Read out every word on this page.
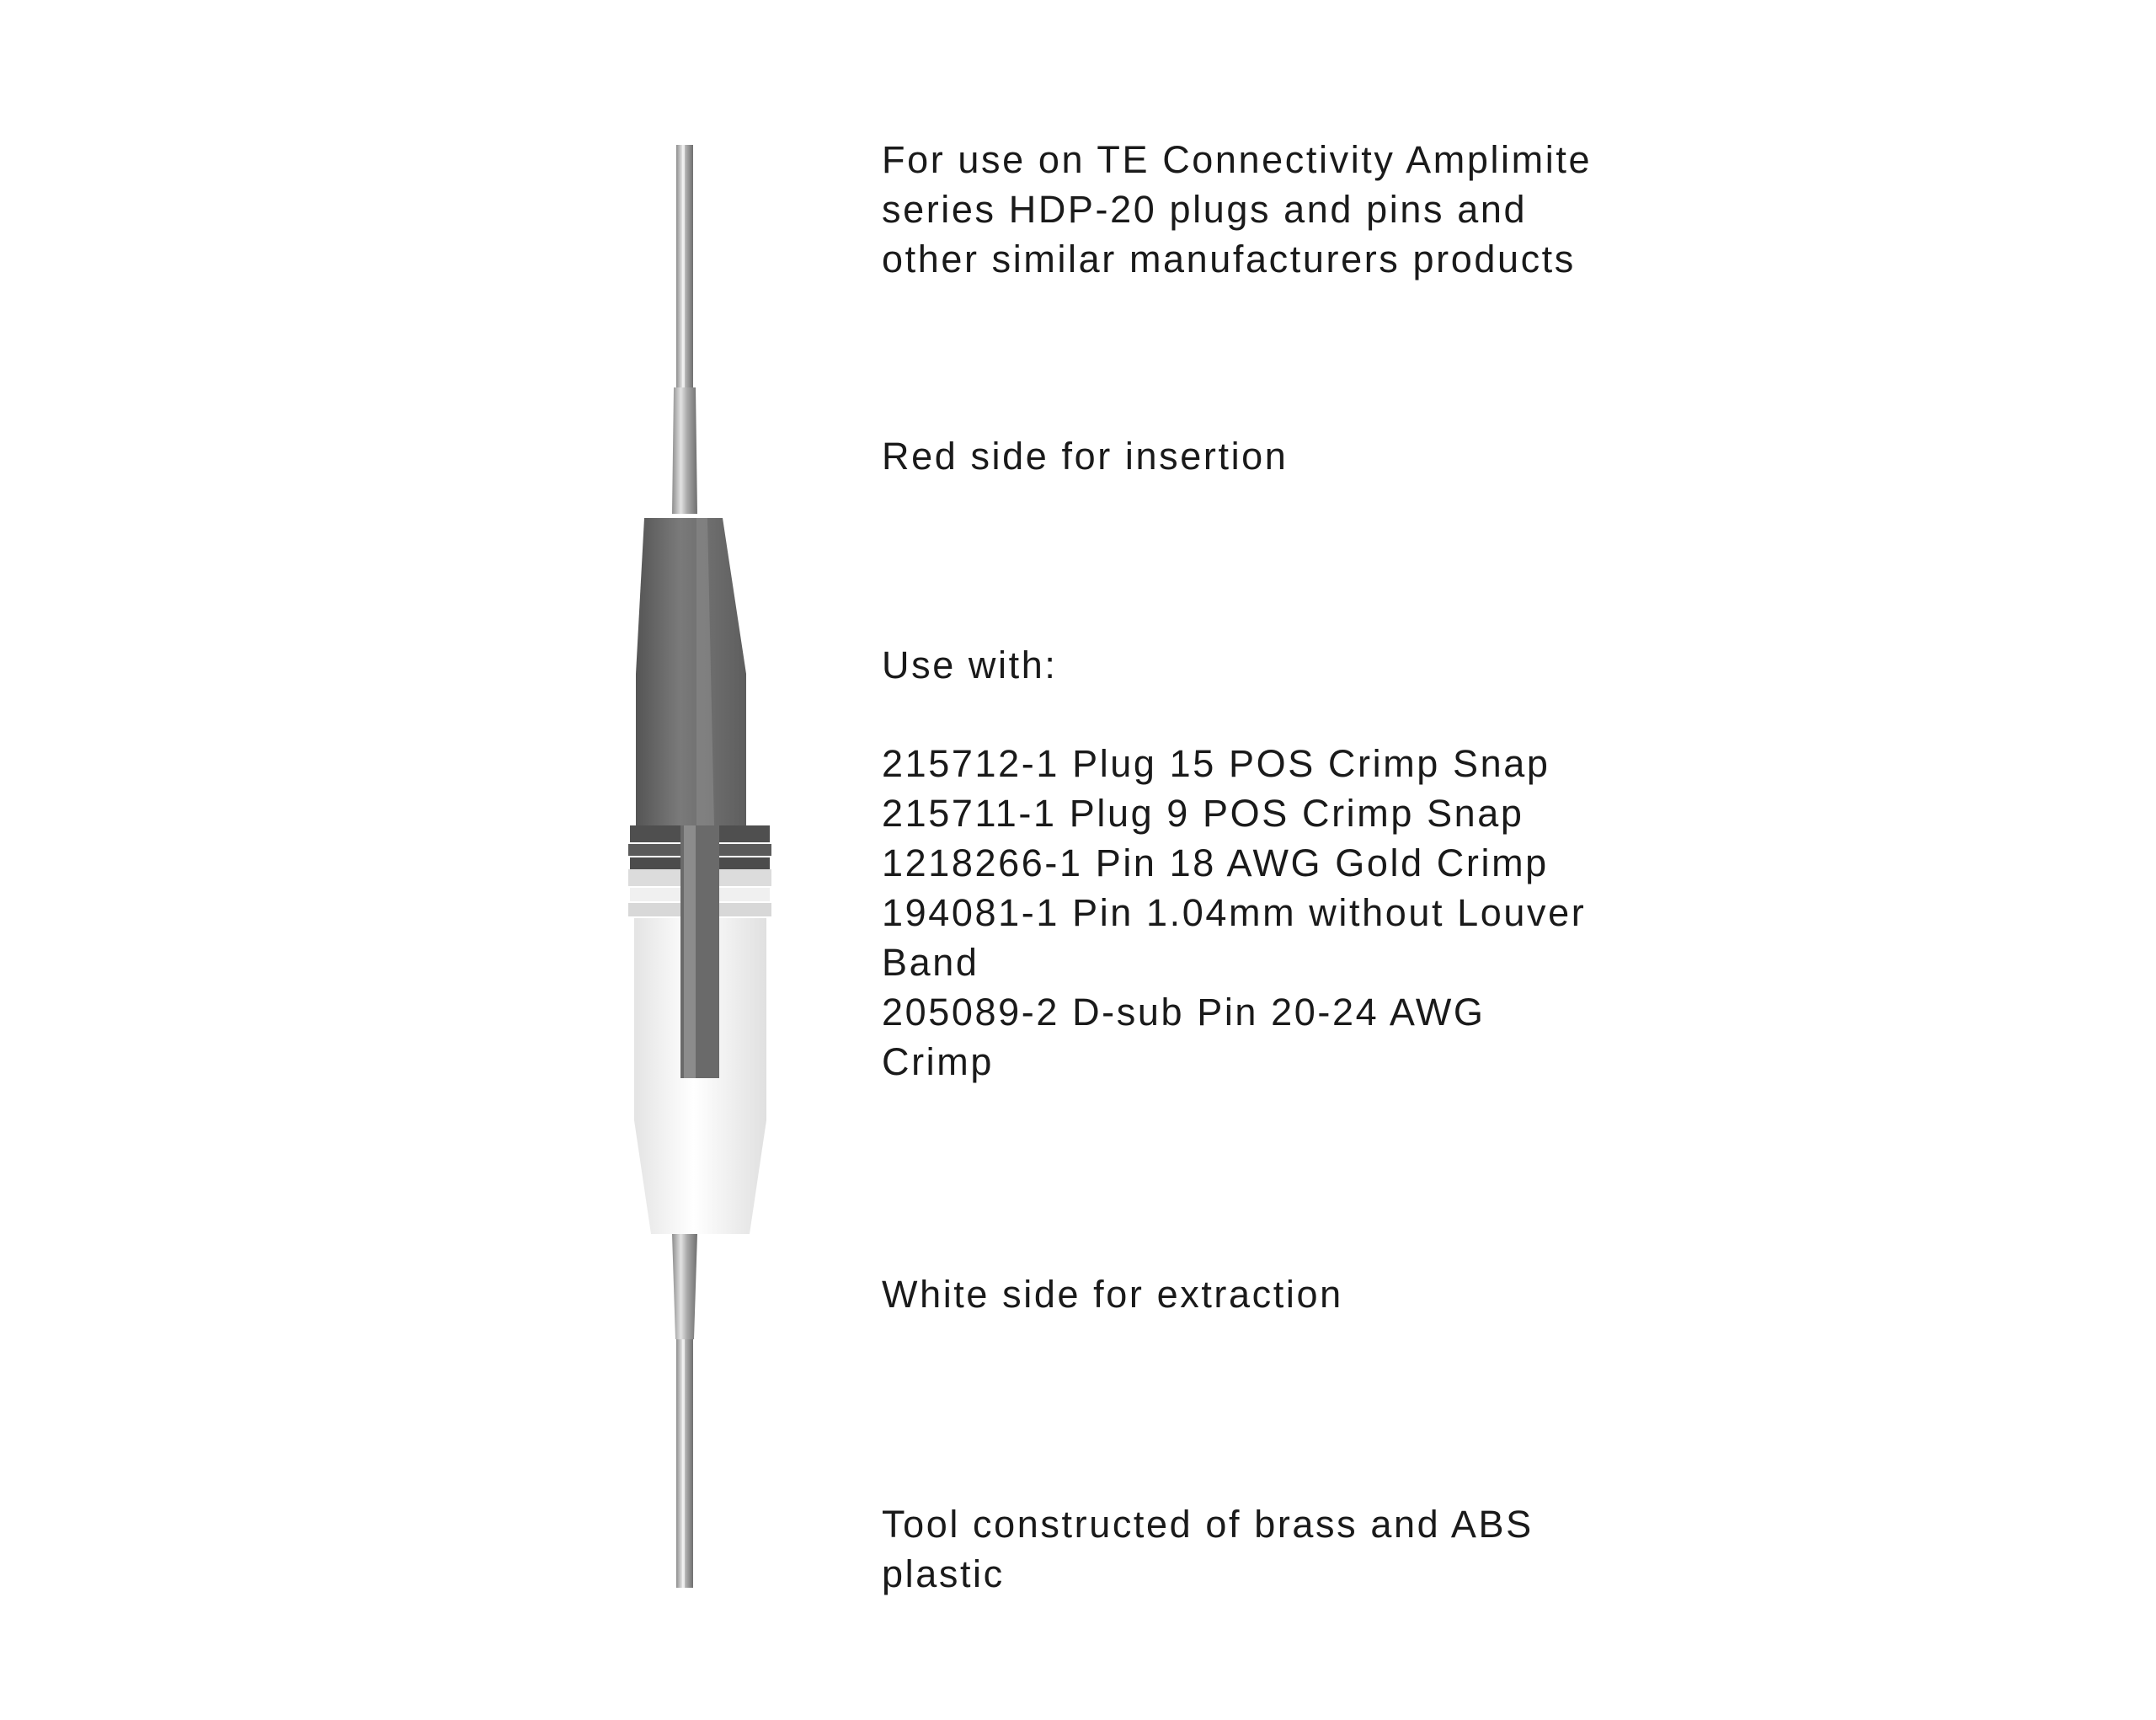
For use on TE Connectivity Amplimite
series HDP-20 plugs and pins and
other similar manufacturers products

Red side for insertion

Use with:

215712-1 Plug 15 POS Crimp Snap
215711-1 Plug 9 POS Crimp Snap
1218266-1 Pin 18 AWG Gold Crimp
194081-1 Pin 1.04mm without Louver
Band
205089-2 D-sub Pin 20-24 AWG
Crimp

White side for extraction

Tool constructed of brass and ABS
plastic
